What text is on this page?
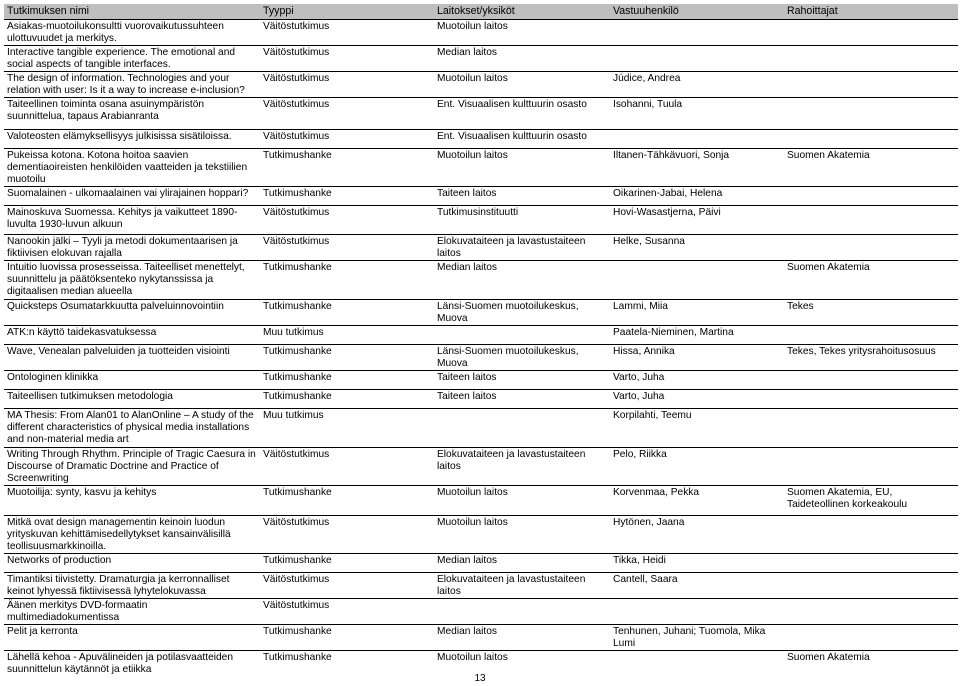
Tutkimuksen nimi	Tyyppi	Laitokset/yksiköt	Vastuuhenkilö	Rahoittajat
Asiakas-muotoilukonsultti vuorovaikutussuhteen ulottuvuudet ja merkitys.	Väitöstutkimus	Muotoilun laitos		
Interactive tangible experience. The emotional and social aspects of tangible interfaces.	Väitöstutkimus	Median laitos		
The design of information. Technologies and your relation with user: Is it a way to increase e-inclusion?	Väitöstutkimus	Muotoilun laitos	Júdice, Andrea	
Taiteellinen toiminta osana asuinympäristön suunnittelua, tapaus Arabianranta	Väitöstutkimus	Ent. Visuaalisen kulttuurin osasto	Isohanni, Tuula	
Valoteosten elämyksellisyys julkisissa sisätiloissa.	Väitöstutkimus	Ent. Visuaalisen kulttuurin osasto		
Pukeissa kotona. Kotona hoitoa saavien dementiaoireisten henkilöiden vaatteiden ja tekstiilien muotoilu	Tutkimushanke	Muotoilun laitos	Iltanen-Tähkävuori, Sonja	Suomen Akatemia
Suomalainen - ulkomaalainen vai ylirajainen hoppari?	Tutkimushanke	Taiteen laitos	Oikarinen-Jabai, Helena	
Mainoskuva Suomessa. Kehitys ja vaikutteet 1890-luvulta 1930-luvun alkuun	Väitöstutkimus	Tutkimusinstituutti	Hovi-Wasastjerna, Päivi	
Nanookin jälki – Tyyli ja metodi dokumentaarisen ja fiktiivisen elokuvan rajalla	Väitöstutkimus	Elokuvataiteen ja lavastustaiteen laitos	Helke, Susanna	
Intuitio luovissa prosesseissa. Taiteelliset menettelyt, suunnittelu ja päätöksenteko nykytanssissa ja digitaalisen median alueella	Tutkimushanke	Median laitos		Suomen Akatemia
Quicksteps Osumatarkkuutta palveluinnovointiin	Tutkimushanke	Länsi-Suomen muotoilukeskus, Muova	Lammi, Miia	Tekes
ATK:n käyttö taidekasvatuksessa	Muu tutkimus		Paatela-Nieminen, Martina	
Wave, Venealan palveluiden ja tuotteiden visiointi	Tutkimushanke	Länsi-Suomen muotoilukeskus, Muova	Hissa, Annika	Tekes, Tekes yritysrahoitusosuus
Ontologinen klinikka	Tutkimushanke	Taiteen laitos	Varto, Juha	
Taiteellisen tutkimuksen metodologia	Tutkimushanke	Taiteen laitos	Varto, Juha	
MA Thesis: From Alan01 to AlanOnline – A study of the different characteristics of physical media installations and non-material media art	Muu tutkimus		Korpilahti, Teemu	
Writing Through Rhythm. Principle of Tragic Caesura in Discourse of Dramatic Doctrine and Practice of Screenwriting	Väitöstutkimus	Elokuvataiteen ja lavastustaiteen laitos	Pelo, Riikka	
Muotoilija: synty, kasvu ja kehitys	Tutkimushanke	Muotoilun laitos	Korvenmaa, Pekka	Suomen Akatemia, EU, Taideteollinen korkeakoulu
Mitkä ovat design managementin keinoin luodun yrityskuvan kehittämisedellytykset kansainvälisillä teollisuusmarkkinoilla.	Väitöstutkimus	Muotoilun laitos	Hytönen, Jaana	
Networks of production	Tutkimushanke	Median laitos	Tikka, Heidi	
Timantiksi tiivistetty. Dramaturgia ja kerronnalliset keinot lyhyessä fiktiivisessä lyhytelokuvassa	Väitöstutkimus	Elokuvataiteen ja lavastustaiteen laitos	Cantell, Saara	
Äänen merkitys DVD-formaatin multimediadokumentissa	Väitöstutkimus			
Pelit ja kerronta	Tutkimushanke	Median laitos	Tenhunen, Juhani; Tuomola, Mika Lumi	
Lähellä kehoa - Apuvälineiden ja potilasvaatteiden suunnittelun käytännöt ja etiikka	Tutkimushanke	Muotoilun laitos		Suomen Akatemia
13
